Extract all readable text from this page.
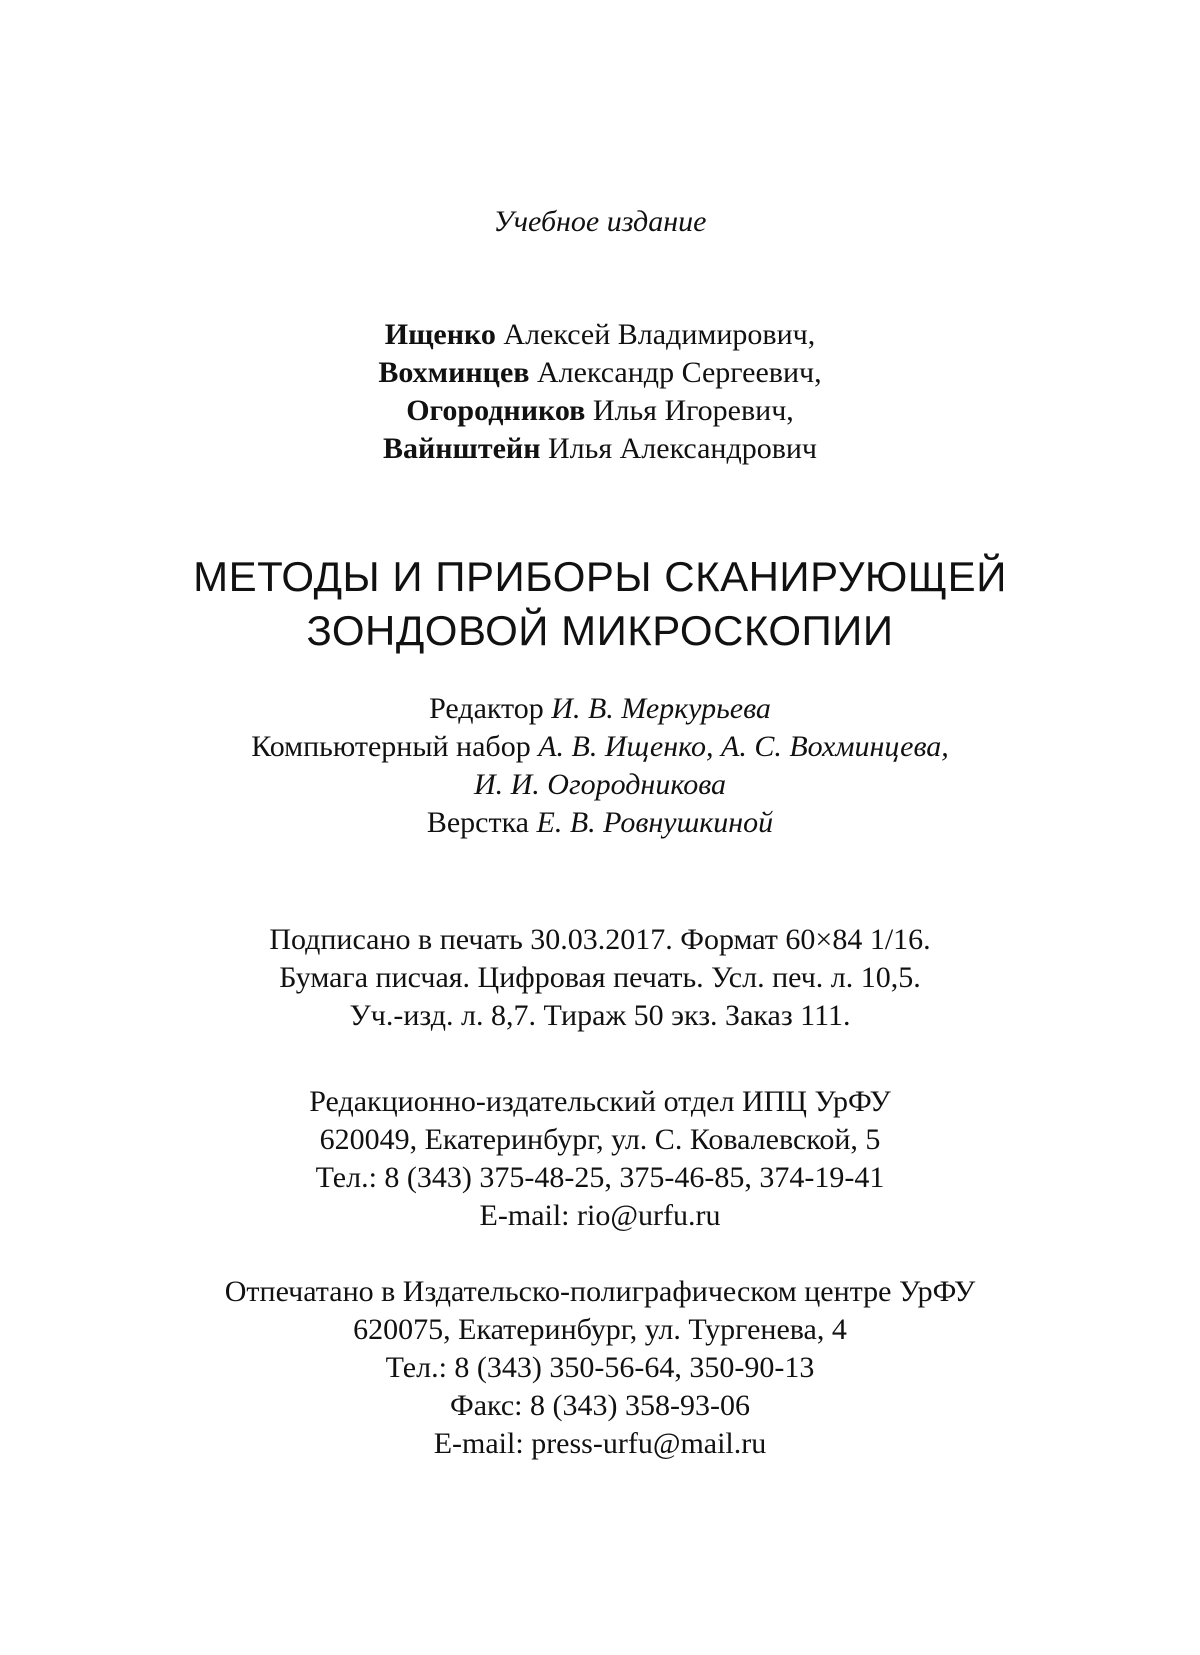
Учебное издание
Ищенко Алексей Владимирович,
Вохминцев Александр Сергеевич,
Огородников Илья Игоревич,
Вайнштейн Илья Александрович
МЕТОДЫ И ПРИБОРЫ СКАНИРУЮЩЕЙ
ЗОНДОВОЙ МИКРОСКОПИИ
Редактор И. В. Меркурьева
Компьютерный набор А. В. Ищенко, А. С. Вохминцева,
И. И. Огородникова
Верстка Е. В. Ровнушкиной
Подписано в печать 30.03.2017. Формат 60×84 1/16.
Бумага писчая. Цифровая печать. Усл. печ. л. 10,5.
Уч.-изд. л. 8,7. Тираж 50 экз. Заказ 111.
Редакционно-издательский отдел ИПЦ УрФУ
620049, Екатеринбург, ул. С. Ковалевской, 5
Тел.: 8 (343) 375-48-25, 375-46-85, 374-19-41
E-mail: rio@urfu.ru
Отпечатано в Издательско-полиграфическом центре УрФУ
620075, Екатеринбург, ул. Тургенева, 4
Тел.: 8 (343) 350-56-64, 350-90-13
Факс: 8 (343) 358-93-06
E-mail: press-urfu@mail.ru
